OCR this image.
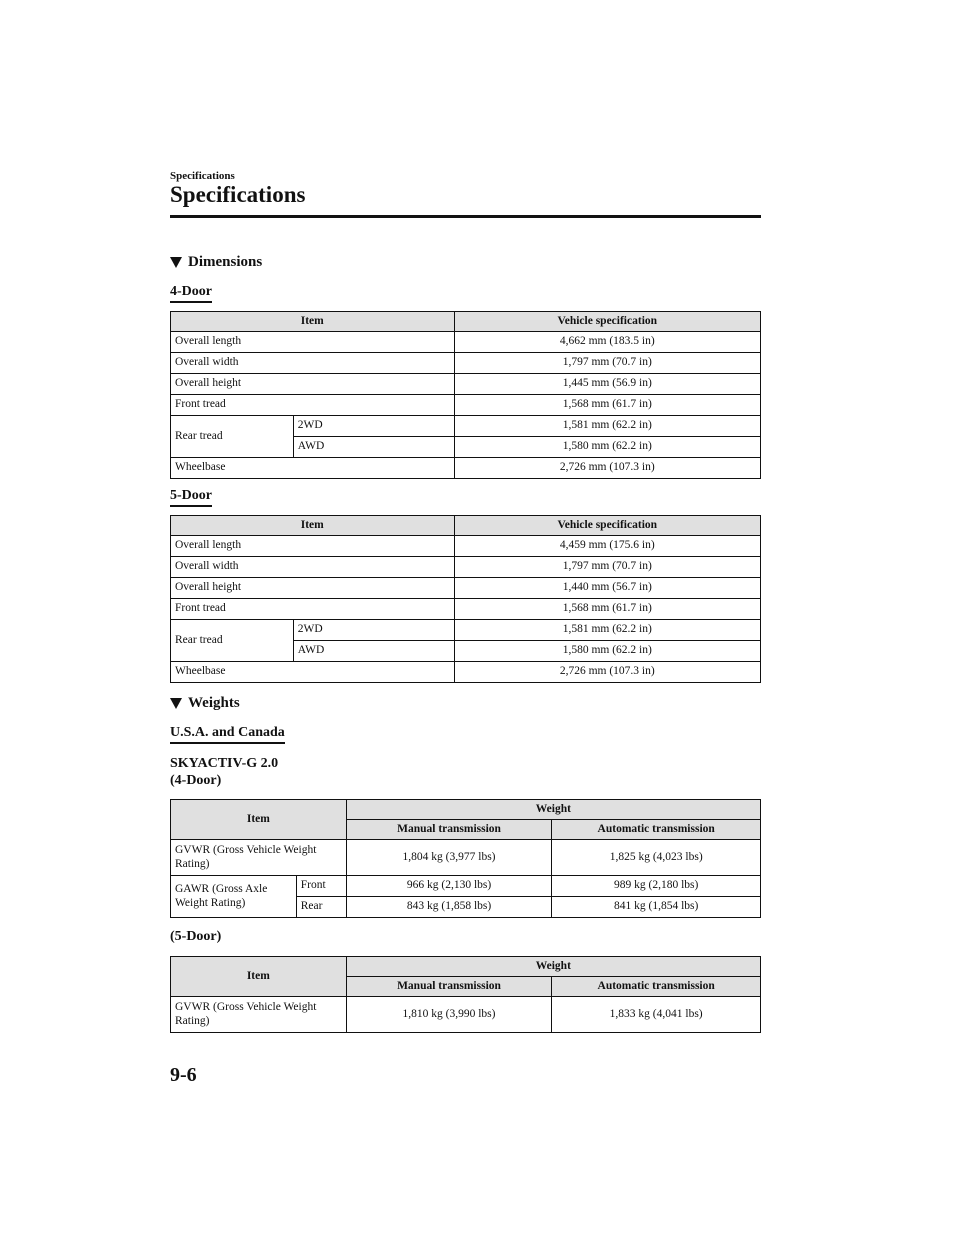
Specifications
Specifications
Dimensions
4-Door
Item		Vehicle specification
Overall length		4,662 mm (183.5 in)
Overall width		1,797 mm (70.7 in)
Overall height		1,445 mm (56.9 in)
Front tread		1,568 mm (61.7 in)
Rear tread	2WD	1,581 mm (62.2 in)
	AWD	1,580 mm (62.2 in)
Wheelbase		2,726 mm (107.3 in)
5-Door
Item		Vehicle specification
Overall length		4,459 mm (175.6 in)
Overall width		1,797 mm (70.7 in)
Overall height		1,440 mm (56.7 in)
Front tread		1,568 mm (61.7 in)
Rear tread	2WD	1,581 mm (62.2 in)
	AWD	1,580 mm (62.2 in)
Wheelbase		2,726 mm (107.3 in)
Weights
U.S.A. and Canada
SKYACTIV-G 2.0
(4-Door)
Item		Weight	
		Manual transmission	Automatic transmission
GVWR (Gross Vehicle Weight Rating)		1,804 kg (3,977 lbs)	1,825 kg (4,023 lbs)
GAWR (Gross Axle Weight Rating)	Front	966 kg (2,130 lbs)	989 kg (2,180 lbs)
	Rear	843 kg (1,858 lbs)	841 kg (1,854 lbs)
(5-Door)
Item	Weight	
	Manual transmission	Automatic transmission
GVWR (Gross Vehicle Weight Rating)	1,810 kg (3,990 lbs)	1,833 kg (4,041 lbs)
9-6
